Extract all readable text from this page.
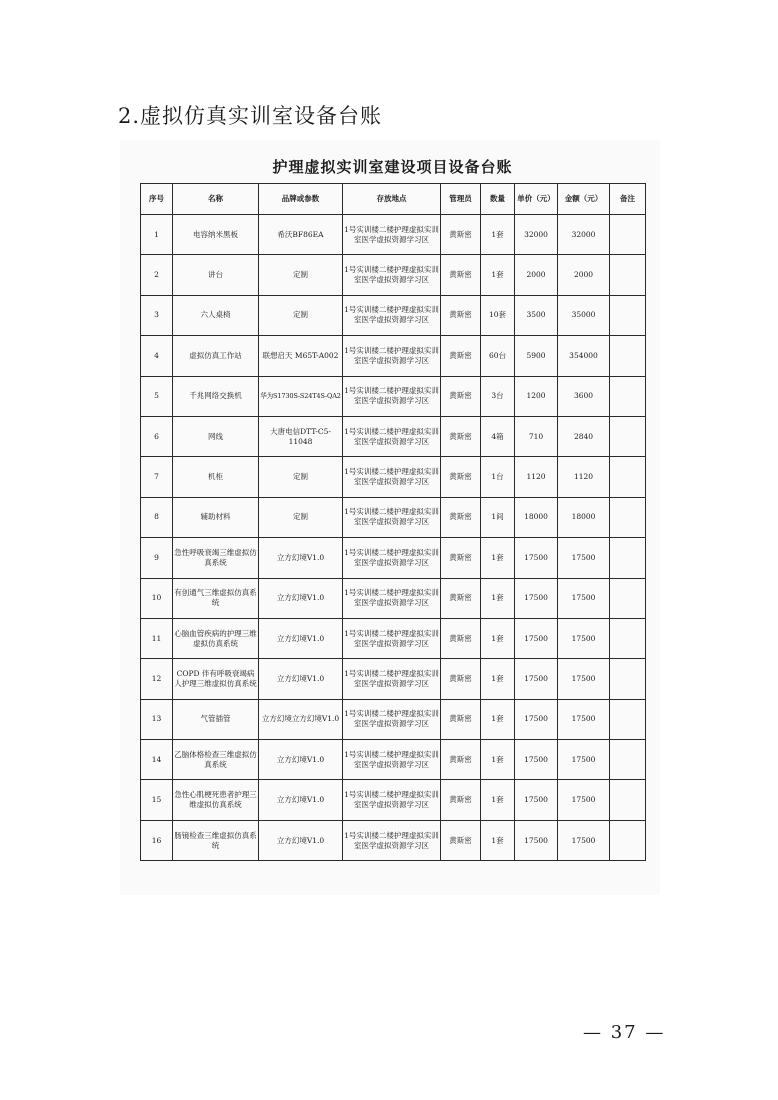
2.虚拟仿真实训室设备台账
护理虚拟实训室建设项目设备台账
序号	名称	品牌或参数	存放地点	管理员	数量	单价（元）	金额（元）	备注
1	电容纳米黑板	希沃BF86EA	1号实训楼二楼护理虚拟实训室医学虚拟资源学习区	黄斯密	1套	32000	32000	
2	讲台	定制	1号实训楼二楼护理虚拟实训室医学虚拟资源学习区	黄斯密	1套	2000	2000	
3	六人桌椅	定制	1号实训楼二楼护理虚拟实训室医学虚拟资源学习区	黄斯密	10套	3500	35000	
4	虚拟仿真工作站	联想启天 M65T-A002	1号实训楼二楼护理虚拟实训室医学虚拟资源学习区	黄斯密	60台	5900	354000	
5	千兆网络交换机	华为S1730S-S24T4S-QA2	1号实训楼二楼护理虚拟实训室医学虚拟资源学习区	黄斯密	3台	1200	3600	
6	网线	大唐电信DTT-C5-11048	1号实训楼二楼护理虚拟实训室医学虚拟资源学习区	黄斯密	4箱	710	2840	
7	机柜	定制	1号实训楼二楼护理虚拟实训室医学虚拟资源学习区	黄斯密	1台	1120	1120	
8	辅助材料	定制	1号实训楼二楼护理虚拟实训室医学虚拟资源学习区	黄斯密	1间	18000	18000	
9	急性呼吸衰竭三维虚拟仿真系统	立方幻境V1.0	1号实训楼二楼护理虚拟实训室医学虚拟资源学习区	黄斯密	1套	17500	17500	
10	有创通气三维虚拟仿真系统	立方幻境V1.0	1号实训楼二楼护理虚拟实训室医学虚拟资源学习区	黄斯密	1套	17500	17500	
11	心脑血管疾病的护理三维虚拟仿真系统	立方幻境V1.0	1号实训楼二楼护理虚拟实训室医学虚拟资源学习区	黄斯密	1套	17500	17500	
12	COPD 伴有呼吸衰竭病人护理三维虚拟仿真系统	立方幻境V1.0	1号实训楼二楼护理虚拟实训室医学虚拟资源学习区	黄斯密	1套	17500	17500	
13	气管插管	立方幻境立方幻境V1.0	1号实训楼二楼护理虚拟实训室医学虚拟资源学习区	黄斯密	1套	17500	17500	
14	乙脑体格检查三维虚拟仿真系统	立方幻境V1.0	1号实训楼二楼护理虚拟实训室医学虚拟资源学习区	黄斯密	1套	17500	17500	
15	急性心肌梗死患者护理三维虚拟仿真系统	立方幻境V1.0	1号实训楼二楼护理虚拟实训室医学虚拟资源学习区	黄斯密	1套	17500	17500	
16	肠镜检查三维虚拟仿真系统	立方幻境V1.0	1号实训楼二楼护理虚拟实训室医学虚拟资源学习区	黄斯密	1套	17500	17500	
— 37 —
